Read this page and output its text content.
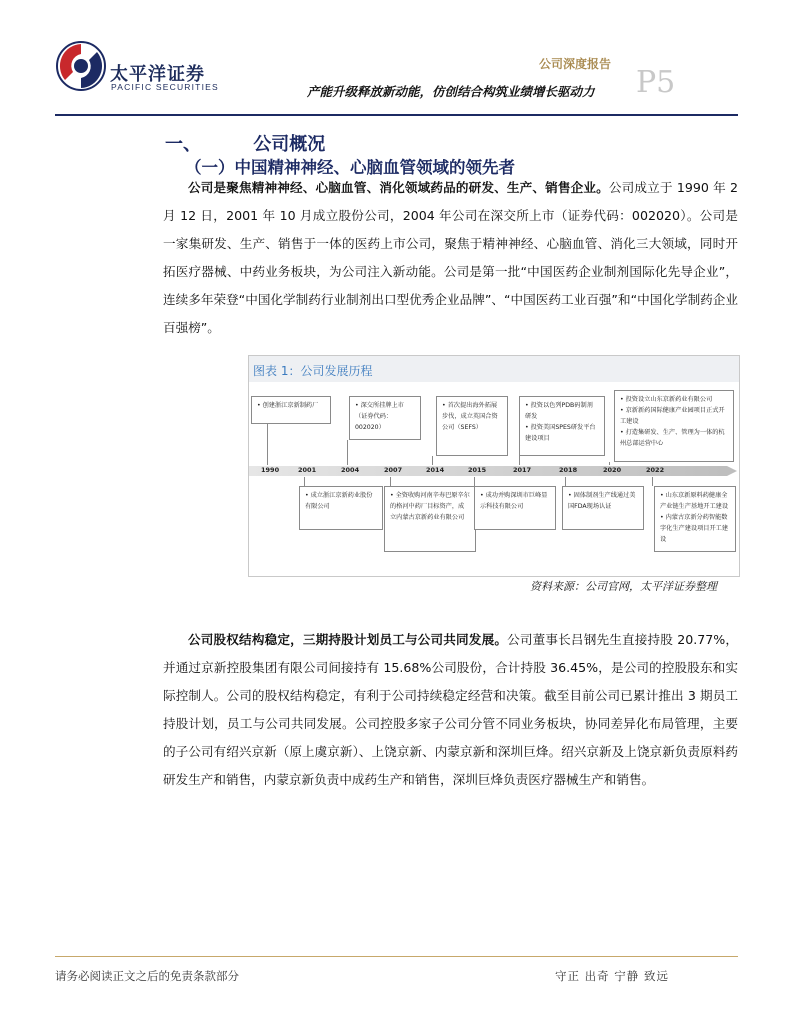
太平洋证券
PACIFIC SECURITIES
公司深度报告
产能升级释放新动能，仿创结合构筑业绩增长驱动力 P5
一、	公司概况
（一）中国精神神经、心脑血管领域的领先者

公司是聚焦精神神经、心脑血管、消化领域药品的研发、生产、销售企业。公司成立于 1990 年 2 月 12 日，2001 年 10 月成立股份公司，2004 年公司在深交所上市（证券代码：002020）。公司是一家集研发、生产、销售于一体的医药上市公司，聚焦于精神神经、心脑血管、消化三大领域，同时开拓医疗器械、中药业务板块，为公司注入新动能。公司是第一批“中国医药企业制剂国际化先导企业”，连续多年荣登“中国化学制药行业制剂出口型优秀企业品牌”、“中国医药工业百强”和“中国化学制药企业百强榜”。

图表 1：公司发展历程
1990	2001	2004	2007	2014	2015	2017	2018	2020	2022
• 创建浙江京新制药厂	• 深交所挂牌上市（证券代码：002020）
• 首次提出海外拓展步伐，成立英国合资公司（SEFS）
• 投资以色列PDB码制剂研发
• 投资美国SPES研发平台建设项目
• 投资设立山东京新药业有限公司
• 京新新药国际健康产业园项目正式开工建设
• 打造集研发、生产、管理为一体的杭州总部运营中心
• 成立浙江京新药业股份有限公司
• 全资收购河南辛寿巴原辛尔的格河中药厂目标资产，成立内蒙古京新药业有限公司
• 成功并购深圳市巨峰显示科技有限公司
• 固体制剂生产线通过美国FDA现场认证
• 山东京新原料药健康全产业链生产基地开工建设
• 内蒙古京新分药智能数字化生产建设项目开工建设
资料来源：公司官网，太平洋证券整理

公司股权结构稳定，三期持股计划员工与公司共同发展。公司董事长吕钢先生直接持股 20.77%，并通过京新控股集团有限公司间接持有 15.68%公司股份，合计持股 36.45%，是公司的控股股东和实际控制人。公司的股权结构稳定，有利于公司持续稳定经营和决策。截至目前公司已累计推出 3 期员工持股计划，员工与公司共同发展。公司控股多家子公司分管不同业务板块，协同差异化布局管理，主要的子公司有绍兴京新（原上虞京新）、上饶京新、内蒙京新和深圳巨烽。绍兴京新及上饶京新负责原料药研发生产和销售，内蒙京新负责中成药生产和销售，深圳巨烽负责医疗器械生产和销售。

请务必阅读正文之后的免责条款部分	守正 出奇 宁静 致远
